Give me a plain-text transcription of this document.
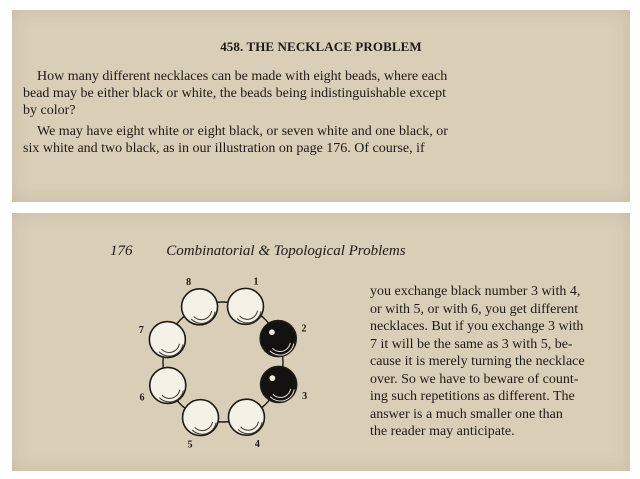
458. THE NECKLACE PROBLEM
How many different necklaces can be made with eight beads, where each
bead may be either black or white, the beads being indistinguishable except
by color?
We may have eight white or eight black, or seven white and one black, or
six white and two black, as in our illustration on page 176. Of course, if
176 Combinatorial & Topological Problems
1
2
3
4
5
6
7
8
you exchange black number 3 with 4,
or with 5, or with 6, you get different
necklaces. But if you exchange 3 with
7 it will be the same as 3 with 5, be-
cause it is merely turning the necklace
over. So we have to beware of count-
ing such repetitions as different. The
answer is a much smaller one than
the reader may anticipate.
